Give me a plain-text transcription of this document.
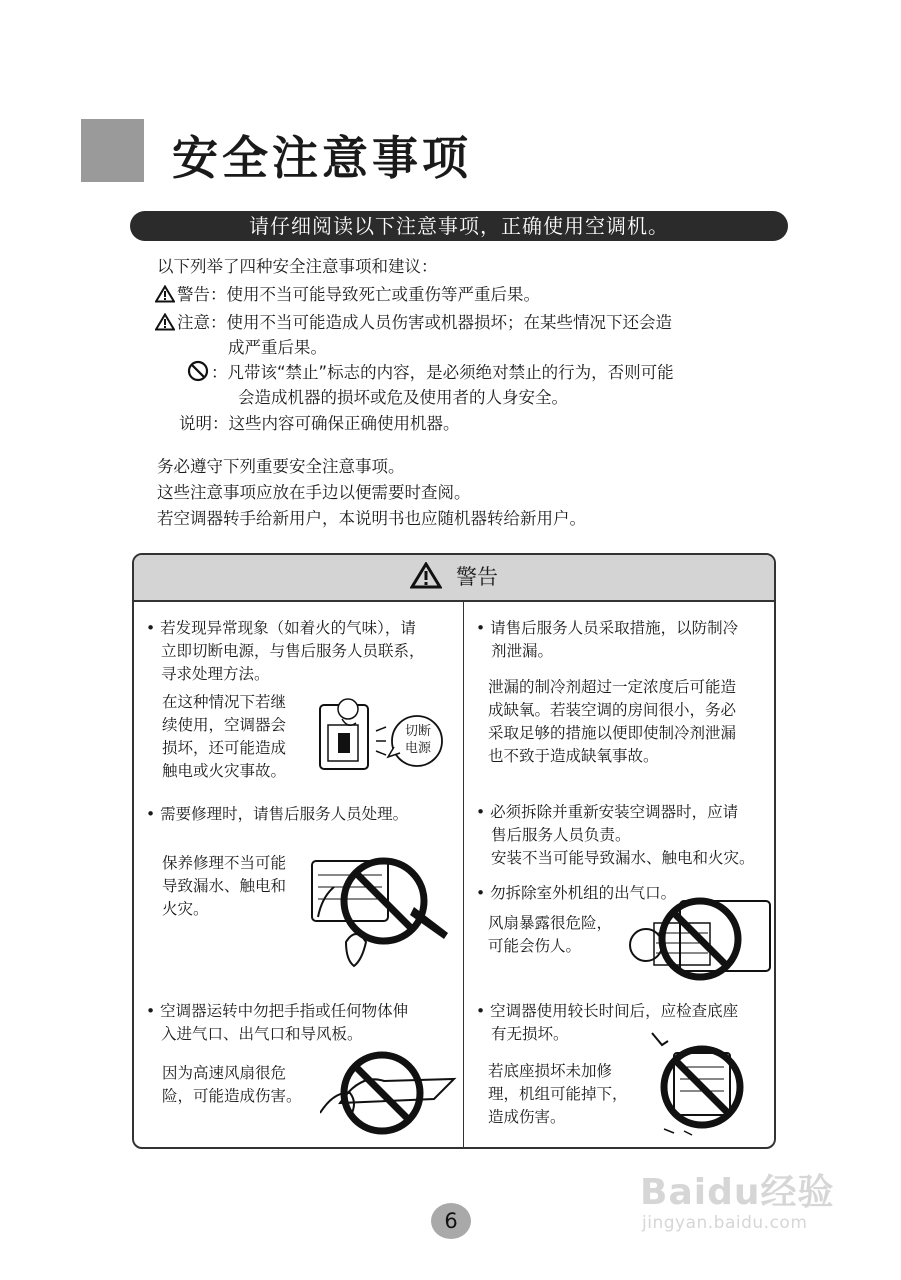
安全注意事项
请仔细阅读以下注意事项，正确使用空调机。
以下列举了四种安全注意事项和建议：
警告：使用不当可能导致死亡或重伤等严重后果。
注意：使用不当可能造成人员伤害或机器损坏；在某些情况下还会造
成严重后果。
：凡带该“禁止”标志的内容，是必须绝对禁止的行为，否则可能
会造成机器的损坏或危及使用者的人身安全。
说明：这些内容可确保正确使用机器。
务必遵守下列重要安全注意事项。
这些注意事项应放在手边以便需要时查阅。
若空调器转手给新用户，本说明书也应随机器转给新用户。
警告
• 若发现异常现象（如着火的气味），请
立即切断电源，与售后服务人员联系，
寻求处理方法。
在这种情况下若继
续使用，空调器会
损坏，还可能造成
触电或火灾事故。
切断
电源
• 需要修理时，请售后服务人员处理。
保养修理不当可能
导致漏水、触电和
火灾。
• 空调器运转中勿把手指或任何物体伸
入进气口、出气口和导风板。
因为高速风扇很危
险，可能造成伤害。
• 请售后服务人员采取措施，以防制冷
剂泄漏。
泄漏的制冷剂超过一定浓度后可能造
成缺氧。若装空调的房间很小，务必
采取足够的措施以便即使制冷剂泄漏
也不致于造成缺氧事故。
• 必须拆除并重新安装空调器时，应请
售后服务人员负责。
安装不当可能导致漏水、触电和火灾。
• 勿拆除室外机组的出气口。
风扇暴露很危险，
可能会伤人。
• 空调器使用较长时间后，应检查底座
有无损坏。
若底座损坏未加修
理，机组可能掉下，
造成伤害。
6
Baidu经验
jingyan.baidu.com
